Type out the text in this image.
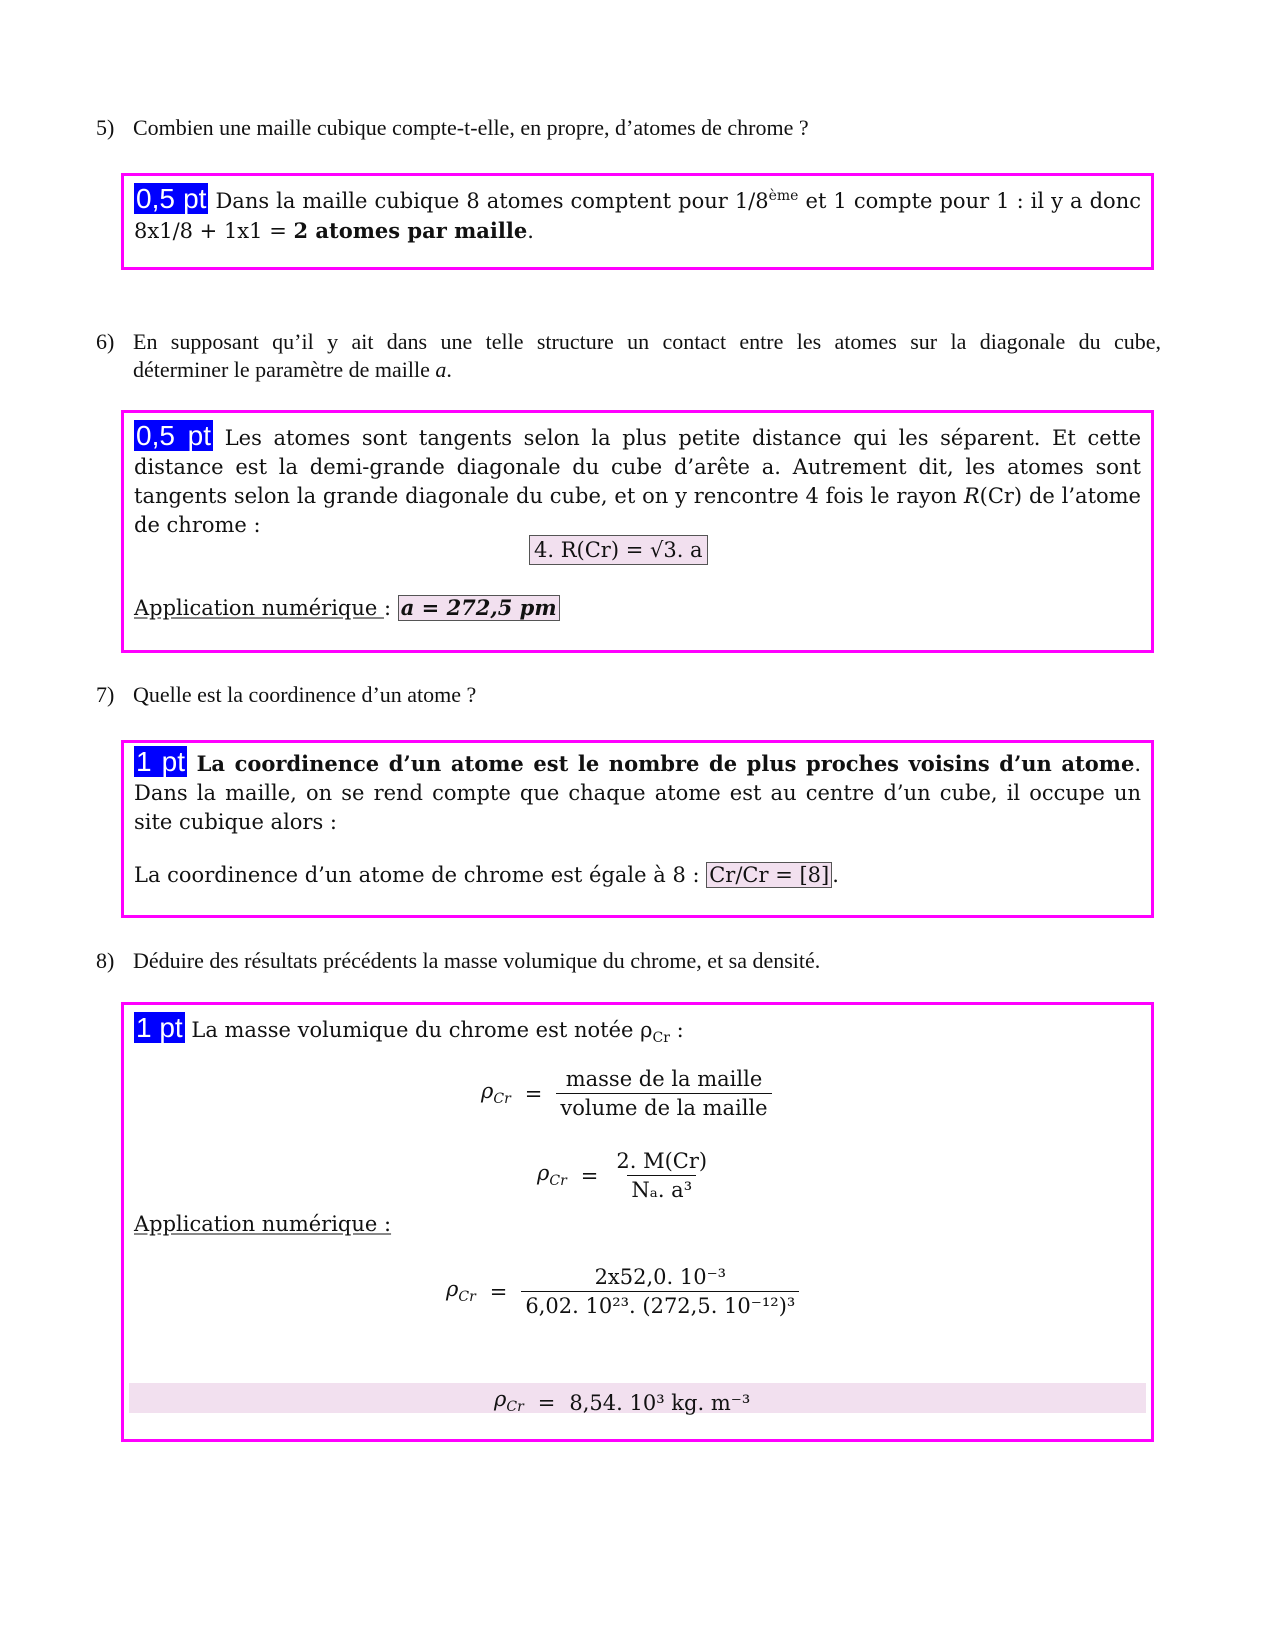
5) Combien une maille cubique compte-t-elle, en propre, d’atomes de chrome ?
0,5 pt Dans la maille cubique 8 atomes comptent pour 1/8ème et 1 compte pour 1 : il y a donc 8x1/8 + 1x1 = 2 atomes par maille.
6) En supposant qu’il y ait dans une telle structure un contact entre les atomes sur la diagonale du cube,
déterminer le paramètre de maille a.
0,5 pt Les atomes sont tangents selon la plus petite distance qui les séparent. Et cette distance est la demi-grande diagonale du cube d’arête a. Autrement dit, les atomes sont tangents selon la grande diagonale du cube, et on y rencontre 4 fois le rayon R(Cr) de l’atome de chrome :
4. R(Cr) = √3. a
Application numérique : a = 272,5 pm
7) Quelle est la coordinence d’un atome ?
1 pt La coordinence d’un atome est le nombre de plus proches voisins d’un atome. Dans la maille, on se rend compte que chaque atome est au centre d’un cube, il occupe un site cubique alors :
La coordinence d’un atome de chrome est égale à 8 : Cr/Cr = [8] .
8) Déduire des résultats précédents la masse volumique du chrome, et sa densité.
1 pt La masse volumique du chrome est notée $\rho_{Cr}$ :
$\rho_{Cr} = \frac{\text{masse de la maille}}{\text{volume de la maille}}$
$\rho_{Cr} = \frac{2. M(Cr)}{\text{Nₐ. a³}}$
Application numérique :
$\rho_{Cr} = \frac{\text{2x52,0. 10⁻³}}{\text{6,02. 10²³. (272,5. 10⁻¹²)³}}$
$\rho_{Cr} = 8,54$. 10³ kg. m⁻³
